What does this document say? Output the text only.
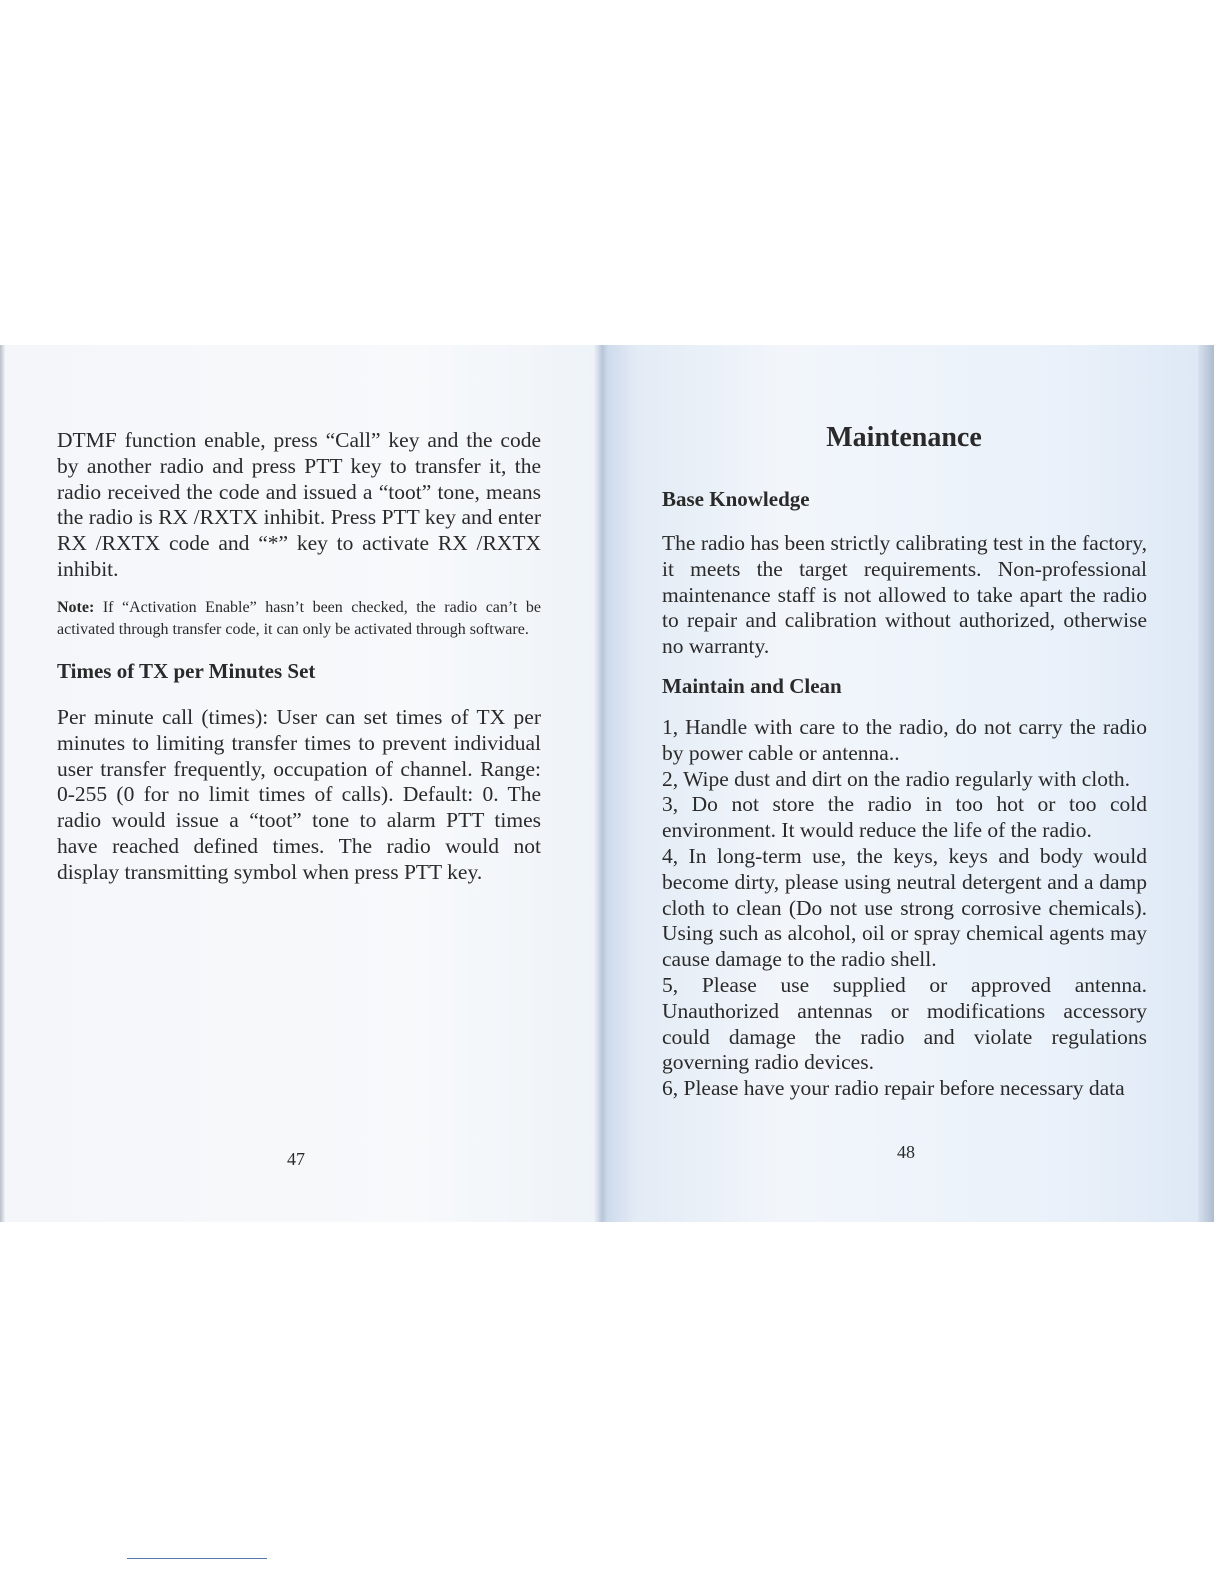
DTMF function enable, press “Call” key and the code by another radio and press PTT key to transfer it, the radio received the code and issued a “toot” tone, means the radio is RX /RXTX inhibit. Press PTT key and enter RX /RXTX code and “*” key to activate RX /RXTX inhibit.

Note: If “Activation Enable” hasn’t been checked, the radio can’t be activated through transfer code, it can only be activated through software.

Times of TX per Minutes Set

Per minute call (times): User can set times of TX per minutes to limiting transfer times to prevent individual user transfer frequently, occupation of channel. Range: 0-255 (0 for no limit times of calls). Default: 0. The radio would issue a “toot” tone to alarm PTT times have reached defined times. The radio would not display transmitting symbol when press PTT key.

47

Maintenance

Base Knowledge

The radio has been strictly calibrating test in the factory, it meets the target requirements. Non-professional maintenance staff is not allowed to take apart the radio to repair and calibration without authorized, otherwise no warranty.

Maintain and Clean

1, Handle with care to the radio, do not carry the radio by power cable or antenna..
2, Wipe dust and dirt on the radio regularly with cloth.
3, Do not store the radio in too hot or too cold environment. It would reduce the life of the radio.
4, In long-term use, the keys, keys and body would become dirty, please using neutral detergent and a damp cloth to clean (Do not use strong corrosive chemicals). Using such as alcohol, oil or spray chemical agents may cause damage to the radio shell.
5, Please use supplied or approved antenna. Unauthorized antennas or modifications accessory could damage the radio and violate regulations governing radio devices.
6, Please have your radio repair before necessary data

48
